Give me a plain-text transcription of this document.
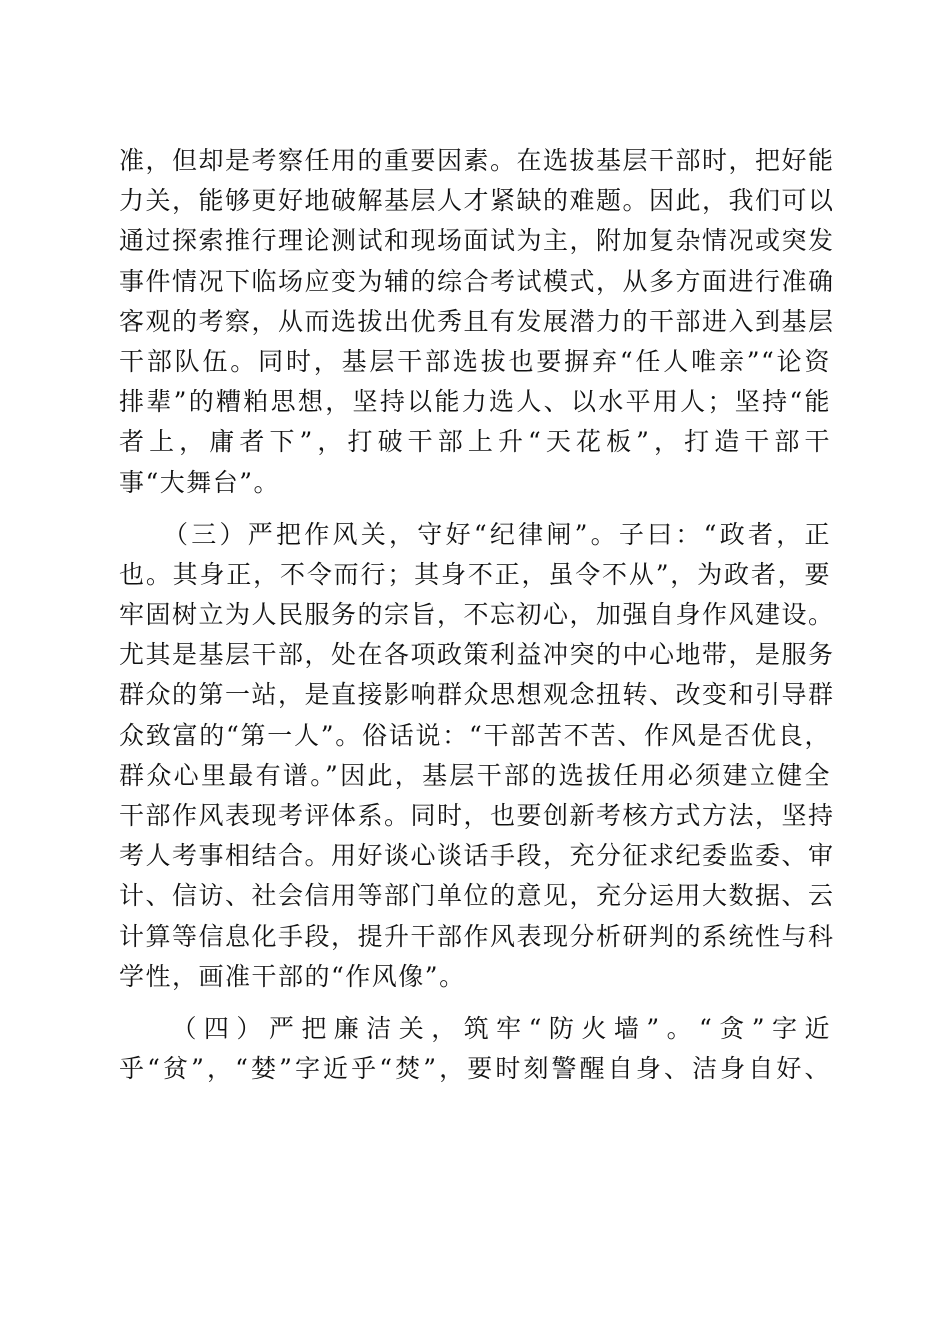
准，但却是考察任用的重要因素。在选拔基层干部时，把好能
力关，能够更好地破解基层人才紧缺的难题。因此，我们可以
通过探索推行理论测试和现场面试为主，附加复杂情况或突发
事件情况下临场应变为辅的综合考试模式，从多方面进行准确
客观的考察，从而选拔出优秀且有发展潜力的干部进入到基层
干部队伍。同时，基层干部选拔也要摒弃“任人唯亲”“论资
排辈”的糟粕思想，坚持以能力选人、以水平用人；坚持“能
者上，庸者下”，打破干部上升“天花板”，打造干部干
事“大舞台”。
　　（三）严把作风关，守好“纪律闸”。子曰：“政者，正
也。其身正，不令而行；其身不正，虽令不从”，为政者，要
牢固树立为人民服务的宗旨，不忘初心，加强自身作风建设。
尤其是基层干部，处在各项政策利益冲突的中心地带，是服务
群众的第一站，是直接影响群众思想观念扭转、改变和引导群
众致富的“第一人”。俗话说：“干部苦不苦、作风是否优良，
群众心里最有谱。”因此，基层干部的选拔任用必须建立健全
干部作风表现考评体系。同时，也要创新考核方式方法，坚持
考人考事相结合。用好谈心谈话手段，充分征求纪委监委、审
计、信访、社会信用等部门单位的意见，充分运用大数据、云
计算等信息化手段，提升干部作风表现分析研判的系统性与科
学性，画准干部的“作风像”。
　　（四）严把廉洁关，筑牢“防火墙”。“贪”字近
乎“贫”，“婪”字近乎“焚”，要时刻警醒自身、洁身自好、
